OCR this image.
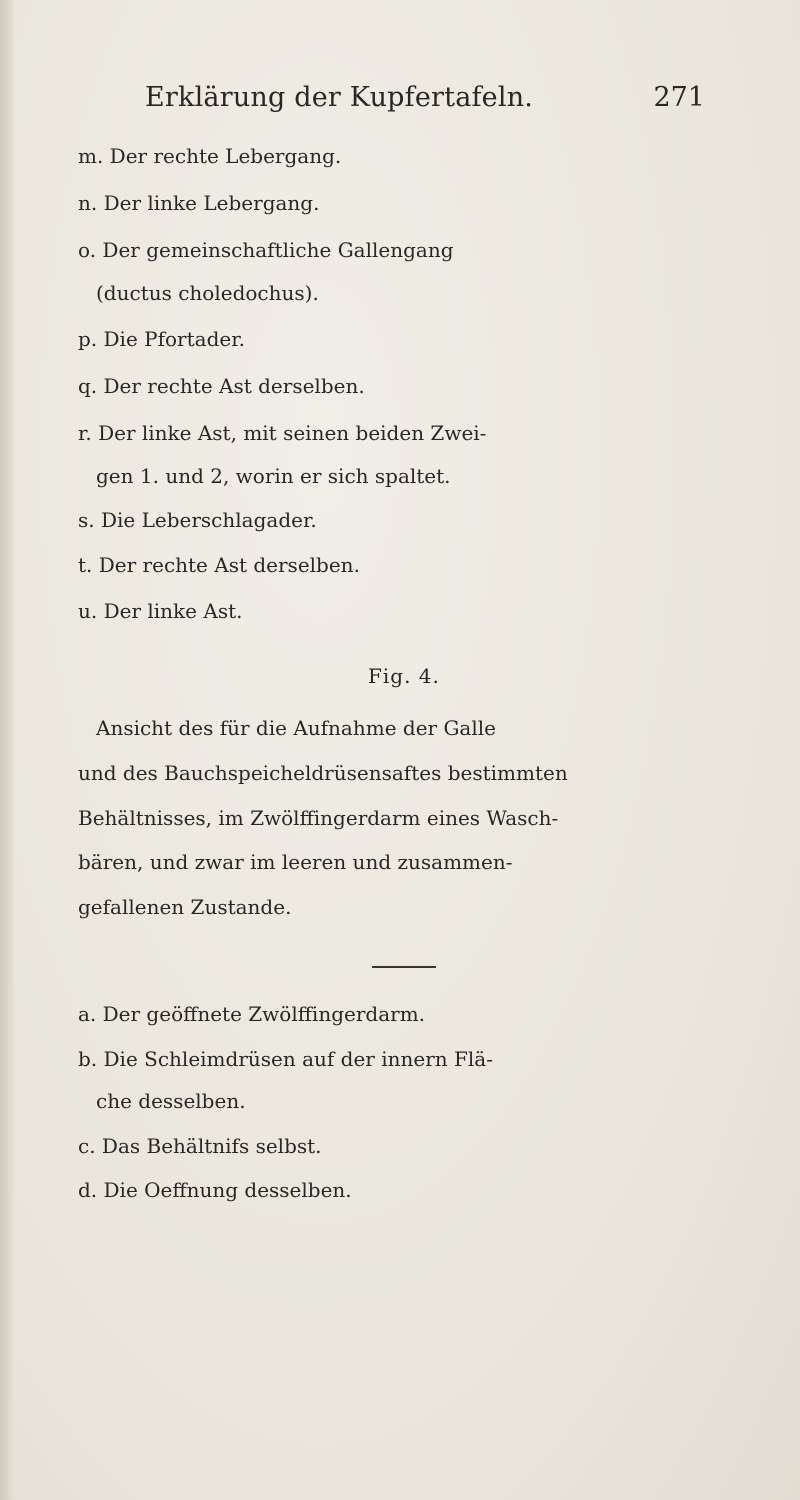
Erklärung der Kupfertafeln.	271
m. Der rechte Lebergang.
n. Der linke Lebergang.
o. Der gemeinschaftliche Gallengang
(ductus choledochus).
p. Die Pfortader.
q. Der rechte Ast derselben.
r. Der linke Ast, mit seinen beiden Zwei-
gen 1. und 2, worin er sich spaltet.
s. Die Leberschlagader.
t. Der rechte Ast derselben.
u. Der linke Ast.
Fig. 4.
Ansicht des für die Aufnahme der Galle
und des Bauchspeicheldrüsensaftes bestimmten
Behältnisses, im Zwölffingerdarm eines Wasch-
bären, und zwar im leeren und zusammen-
gefallenen Zustande.
a. Der geöffnete Zwölffingerdarm.
b. Die Schleimdrüsen auf der innern Flä-
che desselben.
c. Das Behältnifs selbst.
d. Die Oeffnung desselben.
